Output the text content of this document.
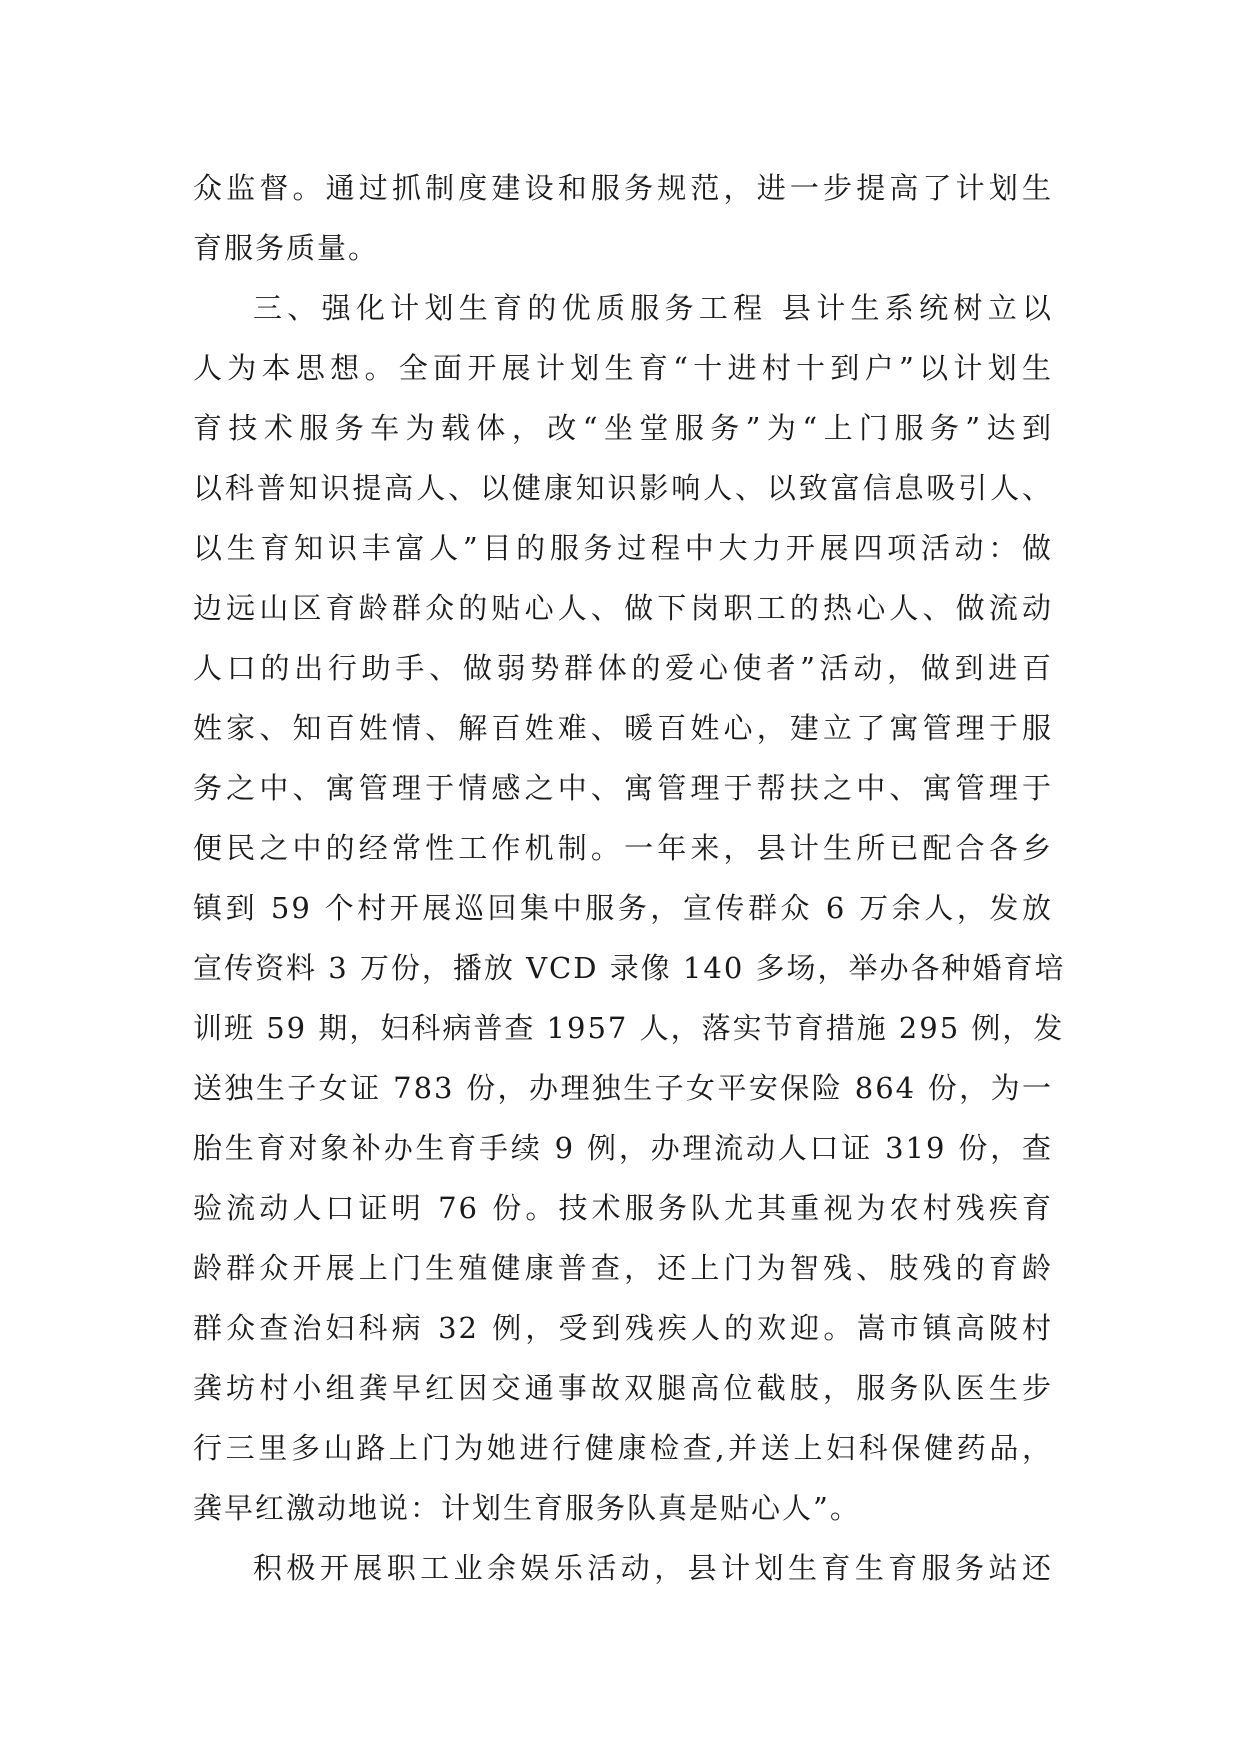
众监督。通过抓制度建设和服务规范，进一步提高了计划生
育服务质量。
三、强化计划生育的优质服务工程 县计生系统树立以
人为本思想。全面开展计划生育“十进村十到户”以计划生
育技术服务车为载体，改“坐堂服务”为“上门服务”达到
以科普知识提高人、以健康知识影响人、以致富信息吸引人、
以生育知识丰富人”目的服务过程中大力开展四项活动：做
边远山区育龄群众的贴心人、做下岗职工的热心人、做流动
人口的出行助手、做弱势群体的爱心使者”活动，做到进百
姓家、知百姓情、解百姓难、暖百姓心，建立了寓管理于服
务之中、寓管理于情感之中、寓管理于帮扶之中、寓管理于
便民之中的经常性工作机制。一年来，县计生所已配合各乡
镇到 59 个村开展巡回集中服务，宣传群众 6 万余人，发放
宣传资料 3 万份，播放 VCD 录像 140 多场，举办各种婚育培
训班 59 期，妇科病普查 1957 人，落实节育措施 295 例，发
送独生子女证 783 份，办理独生子女平安保险 864 份，为一
胎生育对象补办生育手续 9 例，办理流动人口证 319 份，查
验流动人口证明 76 份。技术服务队尤其重视为农村残疾育
龄群众开展上门生殖健康普查，还上门为智残、肢残的育龄
群众查治妇科病 32 例，受到残疾人的欢迎。嵩市镇高陂村
龚坊村小组龚早红因交通事故双腿高位截肢，服务队医生步
行三里多山路上门为她进行健康检查,并送上妇科保健药品，
龚早红激动地说：计划生育服务队真是贴心人”。
积极开展职工业余娱乐活动，县计划生育生育服务站还
